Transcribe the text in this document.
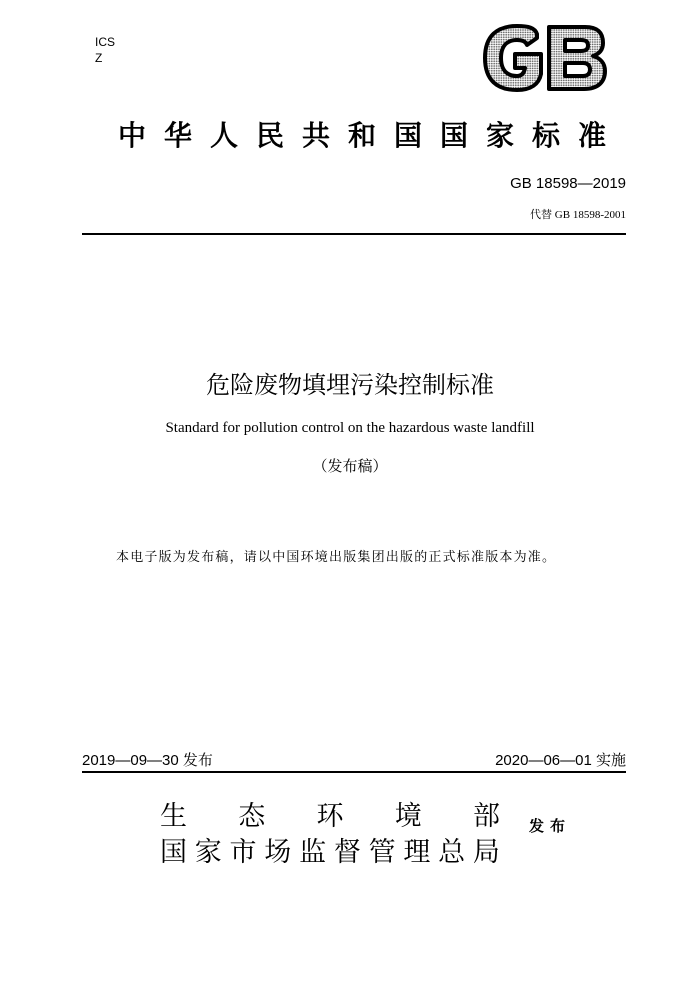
ICS
Z
中华人民共和国国家标准
GB 18598—2019
代替 GB 18598-2001
危险废物填埋污染控制标准
Standard for pollution control on the hazardous waste landfill
（发布稿）
本电子版为发布稿，请以中国环境出版集团出版的正式标准版本为准。
2019—09—30 发布	2020—06—01 实施
生 态 环 境 部
国 家 市 场 监 督 管 理 总 局
发布
